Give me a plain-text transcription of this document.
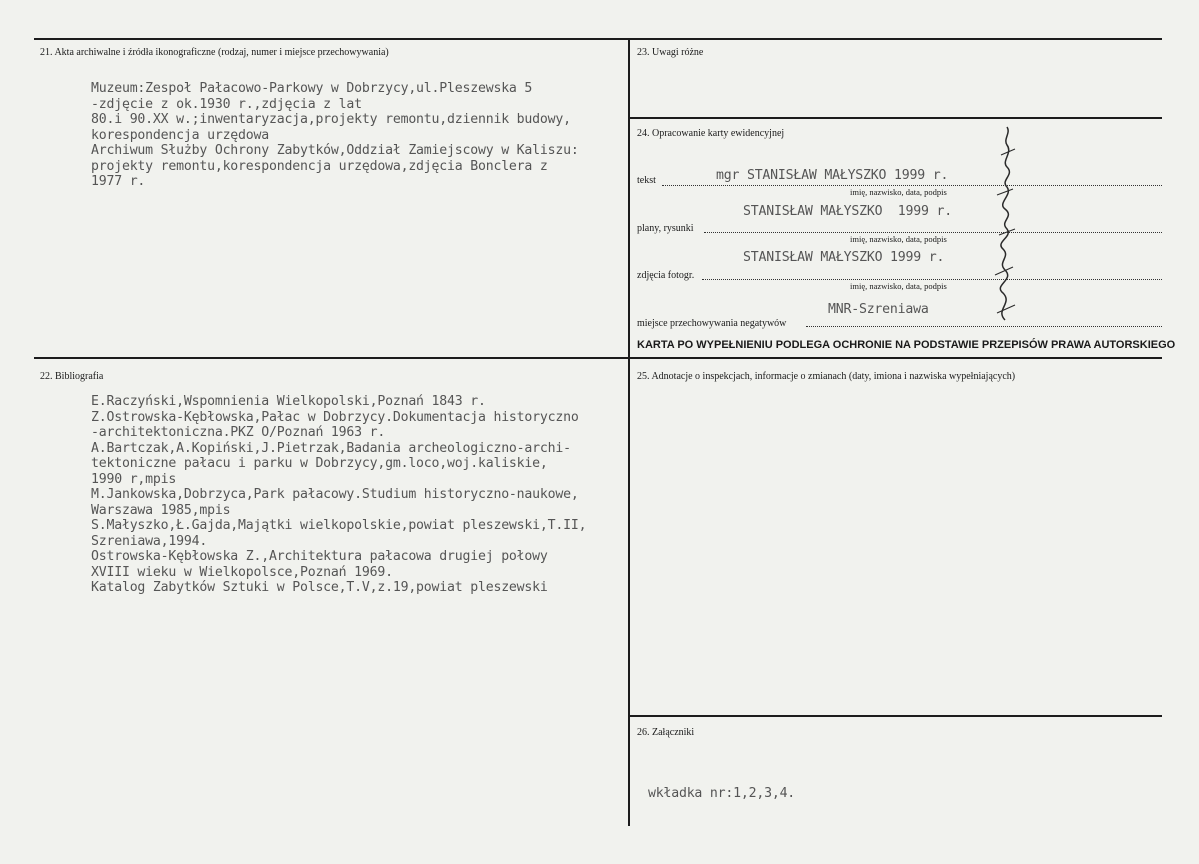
21. Akta archiwalne i źródła ikonograficzne (rodzaj, numer i miejsce przechowywania)
Muzeum:Zespoł Pałacowo-Parkowy w Dobrzycy,ul.Pleszewska 5
-zdjęcie z ok.1930 r.,zdjęcia z lat
80.i 90.XX w.;inwentaryzacja,projekty remontu,dziennik budowy,
korespondencja urzędowa
Archiwum Służby Ochrony Zabytków,Oddział Zamiejscowy w Kaliszu:
projekty remontu,korespondencja urzędowa,zdjęcia Bonclera z
1977 r.
23. Uwagi różne
24. Opracowanie karty ewidencyjnej
tekst	mgr STANISŁAW MAŁYSZKO 1999 r.
imię, nazwisko, data, podpis
plany, rysunki
STANISŁAW MAŁYSZKO  1999 r.
imię, nazwisko, data, podpis
zdjęcia fotogr.
STANISŁAW MAŁYSZKO 1999 r.
imię, nazwisko, data, podpis
miejsce przechowywania negatywów
MNR-Szreniawa
KARTA PO WYPEŁNIENIU PODLEGA OCHRONIE NA PODSTAWIE PRZEPISÓW PRAWA AUTORSKIEGO
22. Bibliografia
E.Raczyński,Wspomnienia Wielkopolski,Poznań 1843 r.
Z.Ostrowska-Kębłowska,Pałac w Dobrzycy.Dokumentacja historyczno
-architektoniczna.PKZ O/Poznań 1963 r.
A.Bartczak,A.Kopiński,J.Pietrzak,Badania archeologiczno-archi-
tektoniczne pałacu i parku w Dobrzycy,gm.loco,woj.kaliskie,
1990 r,mpis
M.Jankowska,Dobrzyca,Park pałacowy.Studium historyczno-naukowe,
Warszawa 1985,mpis
S.Małyszko,Ł.Gajda,Majątki wielkopolskie,powiat pleszewski,T.II,
Szreniawa,1994.
Ostrowska-Kębłowska Z.,Architektura pałacowa drugiej połowy
XVIII wieku w Wielkopolsce,Poznań 1969.
Katalog Zabytków Sztuki w Polsce,T.V,z.19,powiat pleszewski
25. Adnotacje o inspekcjach, informacje o zmianach (daty, imiona i nazwiska wypełniających)
26. Załączniki
wkładka nr:1,2,3,4.
